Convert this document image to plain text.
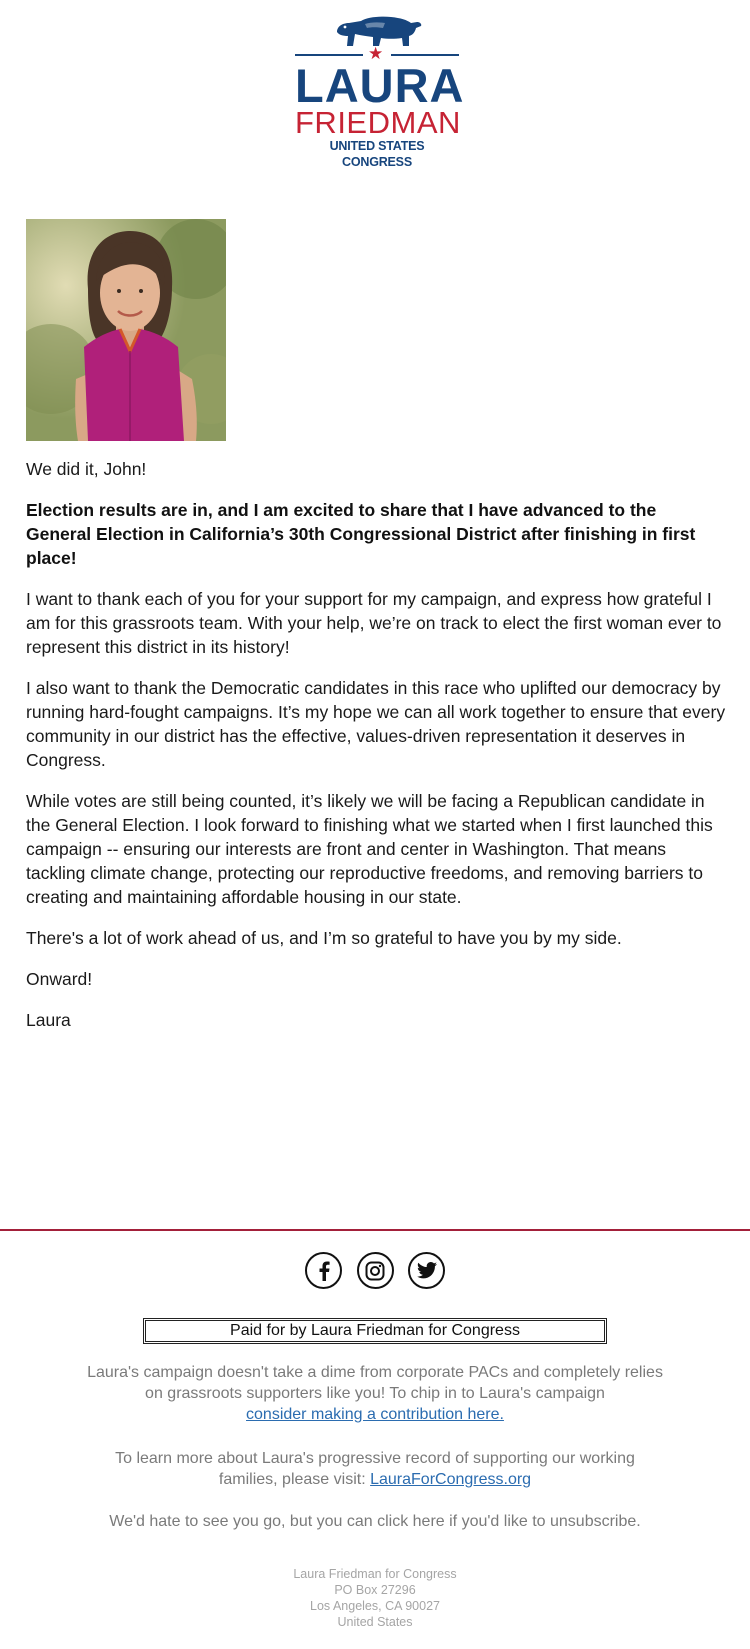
★
LAURA
FRIEDMAN
UNITED STATES CONGRESS

We did it, John!

Election results are in, and I am excited to share that I have advanced to the General Election in California’s 30th Congressional District after finishing in first place!

I want to thank each of you for your support for my campaign, and express how grateful I am for this grassroots team. With your help, we’re on track to elect the first woman ever to represent this district in its history!

I also want to thank the Democratic candidates in this race who uplifted our democracy by running hard-fought campaigns. It’s my hope we can all work together to ensure that every community in our district has the effective, values-driven representation it deserves in Congress.

While votes are still being counted, it’s likely we will be facing a Republican candidate in the General Election. I look forward to finishing what we started when I first launched this campaign -- ensuring our interests are front and center in Washington. That means tackling climate change, protecting our reproductive freedoms, and removing barriers to creating and maintaining affordable housing in our state.

There's a lot of work ahead of us, and I’m so grateful to have you by my side.

Onward!

Laura

Paid for by Laura Friedman for Congress
Laura's campaign doesn't take a dime from corporate PACs and completely relies on grassroots supporters like you! To chip in to Laura's campaign
consider making a contribution here.
To learn more about Laura's progressive record of supporting our working families, please visit: LauraForCongress.org
We'd hate to see you go, but you can click here if you'd like to unsubscribe.
Laura Friedman for Congress
PO Box 27296
Los Angeles, CA 90027
United States
